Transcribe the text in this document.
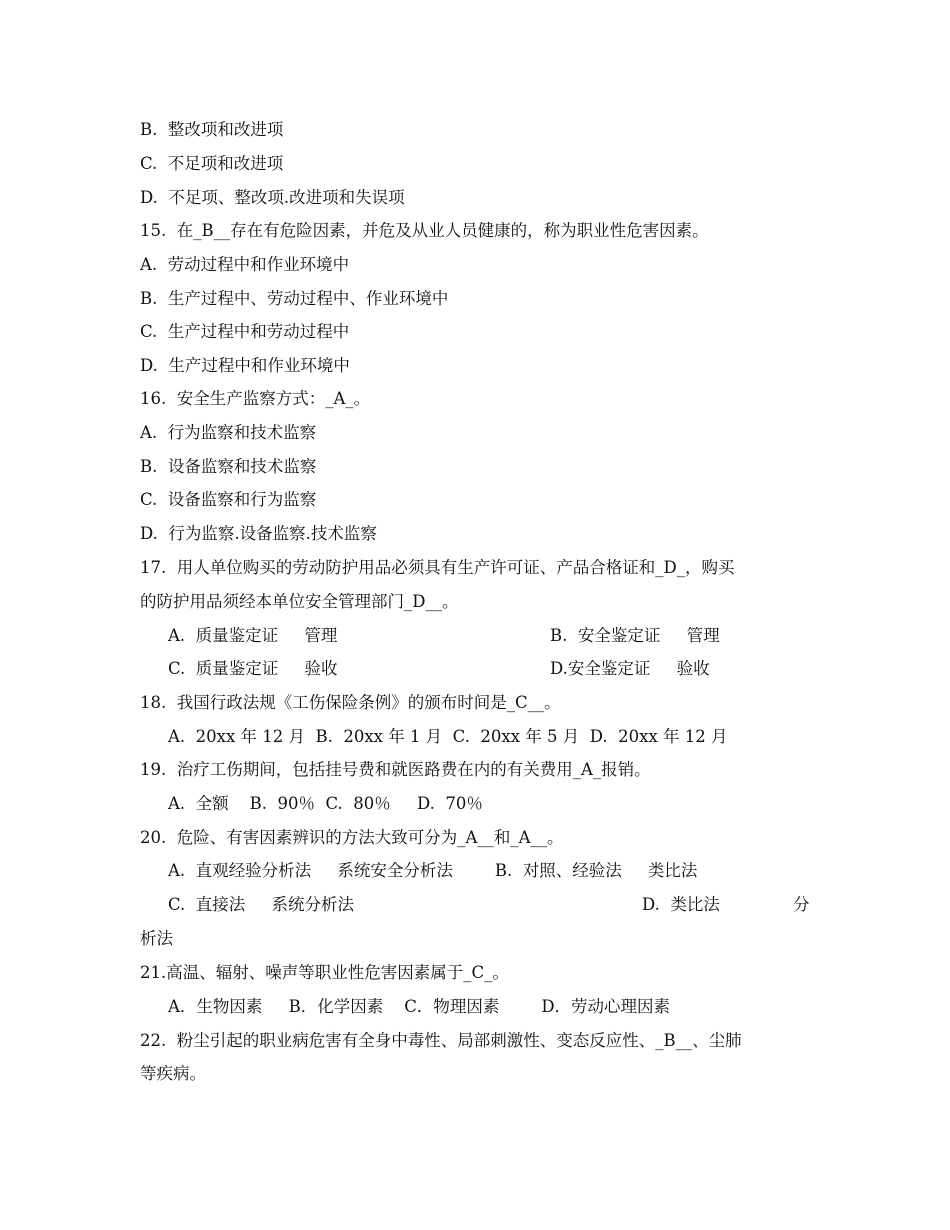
B.  整改项和改进项
C.  不足项和改进项
D.  不足项、整改项.改进项和失误项
15.  在_B__存在有危险因素，并危及从业人员健康的，称为职业性危害因素。
A.  劳动过程中和作业环境中
B.  生产过程中、劳动过程中、作业环境中
C.  生产过程中和劳动过程中
D.  生产过程中和作业环境中
16.  安全生产监察方式：_A_。
A.  行为监察和技术监察
B.  设备监察和技术监察
C.  设备监察和行为监察
D.  行为监察.设备监察.技术监察
17.  用人单位购买的劳动防护用品必须具有生产许可证、产品合格证和_D_，购买
的防护用品须经本单位安全管理部门_D__。
A.  质量鉴定证     管理	B.  安全鉴定证     管理
C.  质量鉴定证     验收	D.安全鉴定证     验收
18.  我国行政法规《工伤保险条例》的颁布时间是_C__。
A.  20xx 年 12 月  B.  20xx 年 1 月  C.  20xx 年 5 月  D.  20xx 年 12 月
19.  治疗工伤期间，包括挂号费和就医路费在内的有关费用_A_报销。
A.  全额    B.  90％  C.  80％     D.  70％
20.  危险、有害因素辨识的方法大致可分为_A__和_A__。
A.  直观经验分析法     系统安全分析法        B.  对照、经验法     类比法
C.  直接法     系统分析法	D.  类比法	分
析法
21.高温、辐射、噪声等职业性危害因素属于_C_。
A．生物因素     B．化学因素    C．物理因素        D．劳动心理因素
22.  粉尘引起的职业病危害有全身中毒性、局部刺激性、变态反应性、_B__、尘肺
等疾病。
